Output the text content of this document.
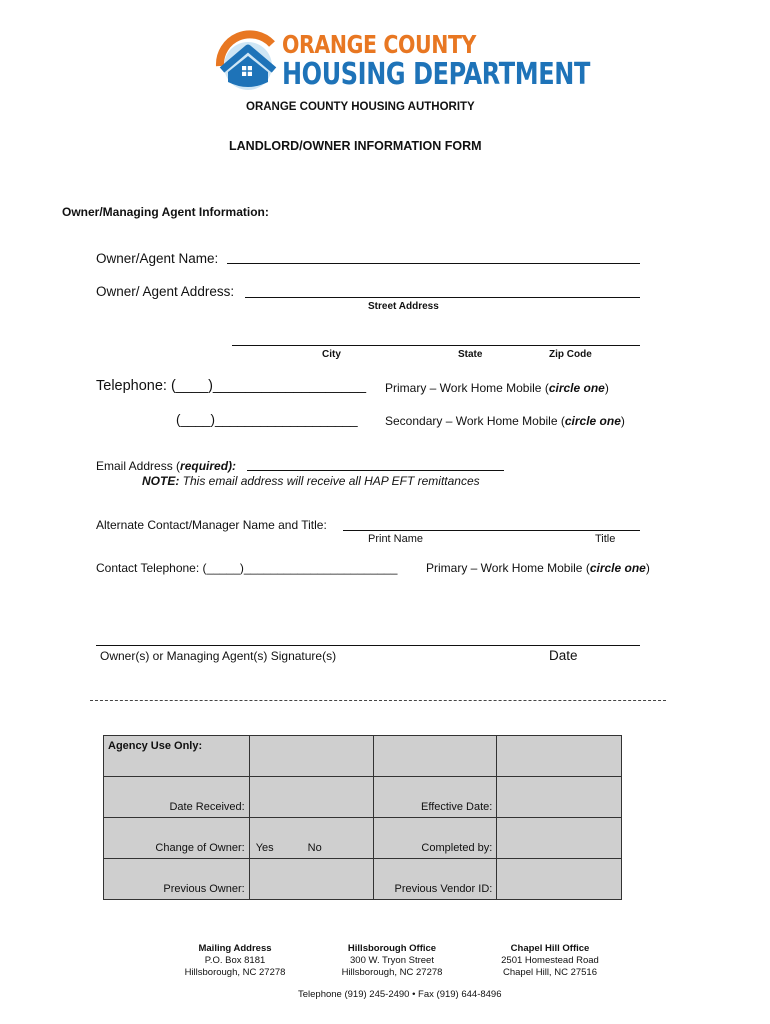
ORANGE COUNTY
HOUSING DEPARTMENT
ORANGE COUNTY HOUSING AUTHORITY
LANDLORD/OWNER INFORMATION FORM
Owner/Managing Agent Information:
Owner/Agent Name:
Owner/ Agent Address:
Street Address
City	State	Zip Code
Telephone: (____)___________________ Primary – Work Home Mobile (circle one)
(____)___________________ Secondary – Work Home Mobile (circle one)
Email Address (required):
NOTE: This email address will receive all HAP EFT remittances
Alternate Contact/Manager Name and Title:
Print Name	Title
Contact Telephone: (_____)_______________________ Primary – Work Home Mobile (circle one)
Owner(s) or Managing Agent(s) Signature(s)	Date
Agency Use Only:			
Date Received:		Effective Date:	
Change of Owner:	Yes No	Completed by:	
Previous Owner:		Previous Vendor ID:	
Mailing Address
P.O. Box 8181
Hillsborough, NC 27278
Hillsborough Office
300 W. Tryon Street
Hillsborough, NC 27278
Chapel Hill Office
2501 Homestead Road
Chapel Hill, NC 27516
Telephone (919) 245-2490 • Fax (919) 644-8496
